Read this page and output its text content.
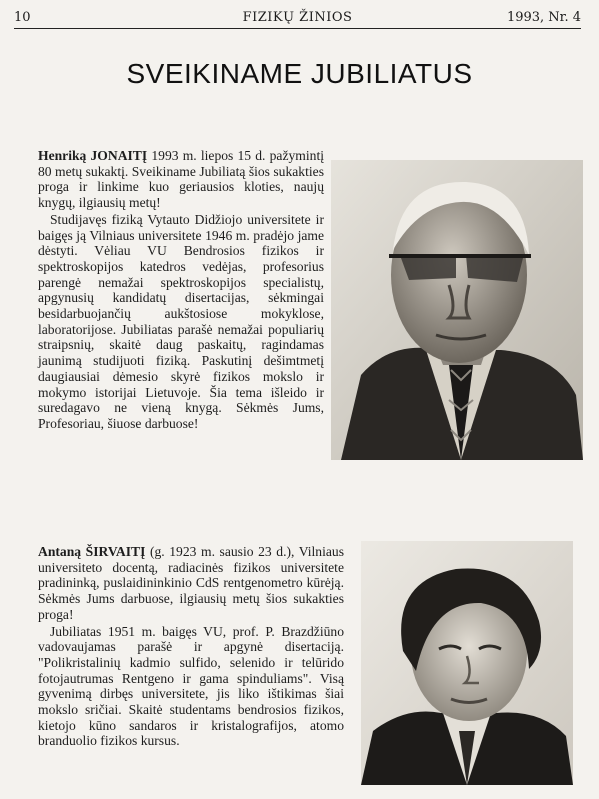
10	FIZIKŲ ŽINIOS	1993, Nr. 4
SVEIKINAME JUBILIATUS

Henriką JONAITĮ 1993 m. liepos 15 d. pažymintį 80 metų sukaktį. Sveikiname Jubiliatą šios sukakties proga ir linkime kuo geriausios kloties, naujų knygų, ilgiausių metų!

Studijavęs fiziką Vytauto Didžiojo universitete ir baigęs ją Vilniaus universitete 1946 m. pradėjo jame dėstyti. Vėliau VU Bendrosios fizikos ir spektroskopijos katedros vedėjas, profesorius parengė nemažai spektroskopijos specialistų, apgynusių kandidatų disertacijas, sėkmingai besidarbuojančių aukštosiose mokyklose, laboratorijose. Jubiliatas parašė nemažai populiarių straipsnių, skaitė daug paskaitų, ragindamas jaunimą studijuoti fiziką. Paskutinį dešimtmetį daugiausiai dėmesio skyrė fizikos mokslo ir mokymo istorijai Lietuvoje. Šia tema išleido ir suredagavo ne vieną knygą. Sėkmės Jums, Profesoriau, šiuose darbuose!

Antaną ŠIRVAITĮ (g. 1923 m. sausio 23 d.), Vilniaus universiteto docentą, radiacinės fizikos universitete pradininką, puslaidininkinio CdS rentgenometro kūrėją. Sėkmės Jums darbuose, ilgiausių metų šios sukakties proga!

Jubiliatas 1951 m. baigęs VU, prof. P. Brazdžiūno vadovaujamas parašė ir apgynė disertaciją. "Polikristalinių kadmio sulfido, selenido ir telūrido fotojautrumas Rentgeno ir gama spinduliams". Visą gyvenimą dirbęs universitete, jis liko ištikimas šiai mokslo sričiai. Skaitė studentams bendrosios fizikos, kietojo kūno sandaros ir kristalografijos, atomo branduolio fizikos kursus.
